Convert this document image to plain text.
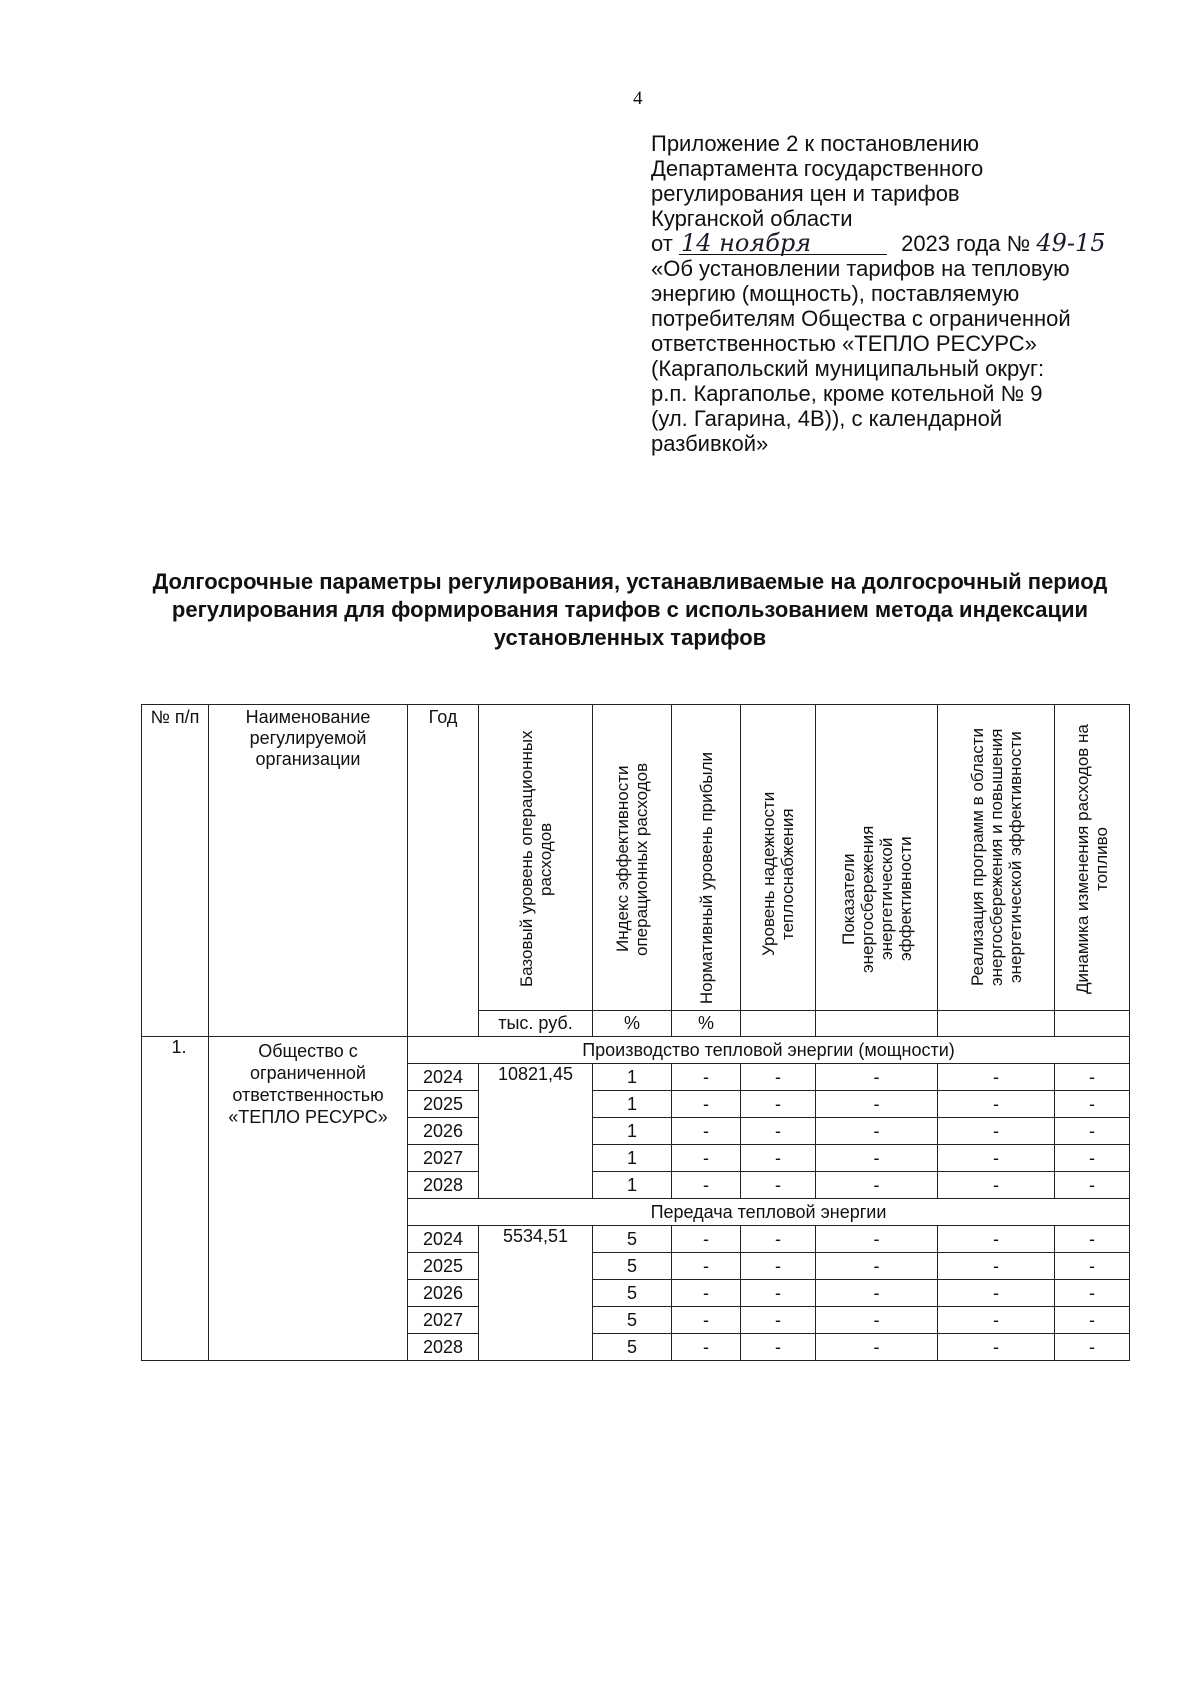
4
Приложение 2 к постановлению
Департамента государственного
регулирования цен и тарифов
Курганской области
от 14 ноября	2023 года № 49-15
«Об установлении тарифов на тепловую
энергию (мощность), поставляемую
потребителям Общества с ограниченной
ответственностью «ТЕПЛО РЕСУРС»
(Каргапольский муниципальный округ:
р.п. Каргаполье, кроме котельной № 9
(ул. Гагарина, 4В)), с календарной
разбивкой»
Долгосрочные параметры регулирования, устанавливаемые на долгосрочный период регулирования для формирования тарифов с использованием метода индексации установленных тарифов
№ п/п	Наименование регулируемой организации	Год	Базовый уровень операционных расходов	Индекс эффективности операционных расходов	Нормативный уровень прибыли	Уровень надежности теплоснабжения	Показатели энергосбережения энергетической эффективности	Реализация программ в области энергосбережения и повышения энергетической эффективности	Динамика изменения расходов на топливо

			тыс. руб.	%	%				
1.	Общество с ограниченной ответственностью «ТЕПЛО РЕСУРС»	Производство тепловой энергии (мощности)							
		2024	10821,45	1	-	-	-	-	-
		2025		1	-	-	-	-	-
		2026		1	-	-	-	-	-
		2027		1	-	-	-	-	-
		2028		1	-	-	-	-	-
		Передача тепловой энергии							
		2024	5534,51	5	-	-	-	-	-
		2025		5	-	-	-	-	-
		2026		5	-	-	-	-	-
		2027		5	-	-	-	-	-
		2028		5	-	-	-	-	-
